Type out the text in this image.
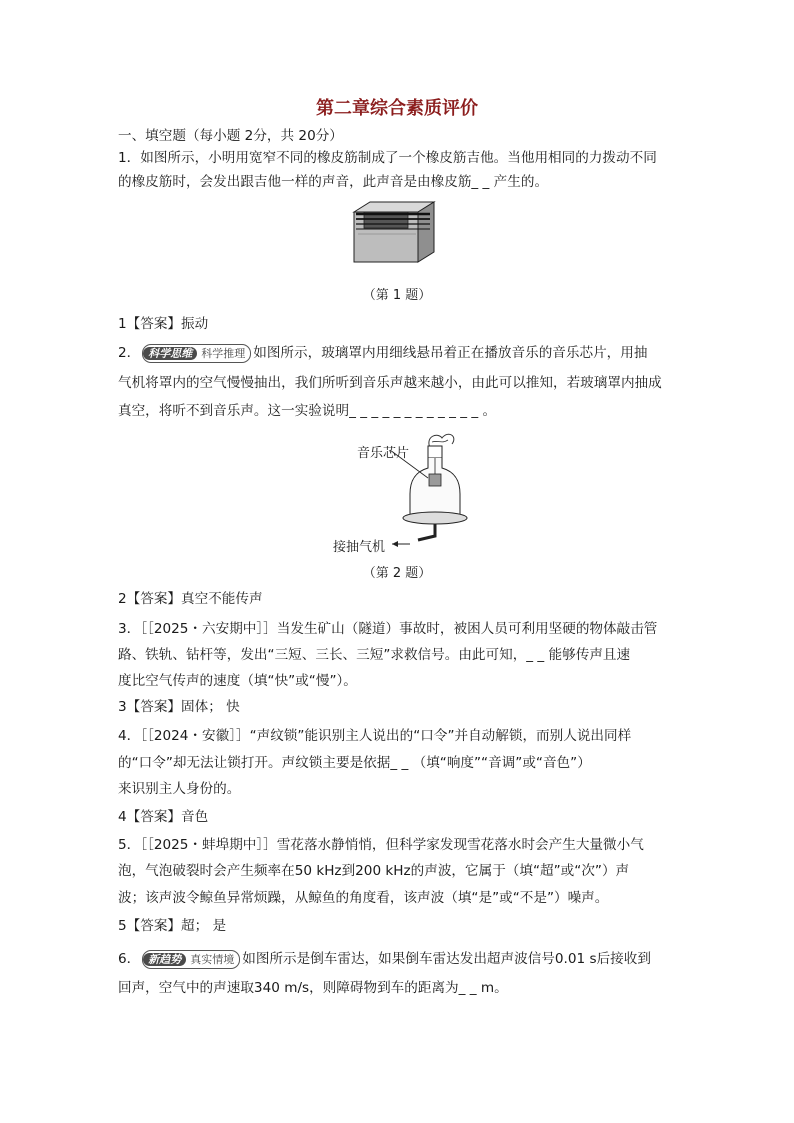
第二章综合素质评价
一、填空题（每小题 2分，共 20分）
1．如图所示，小明用宽窄不同的橡皮筋制成了一个橡皮筋吉他。当他用相同的力拨动不同
的橡皮筋时，会发出跟吉他一样的声音，此声音是由橡皮筋_ _ 产生的。
（第 1 题）
1【答案】振动
2． 科学思维 科学推理 如图所示，玻璃罩内用细线悬吊着正在播放音乐的音乐芯片，用抽
气机将罩内的空气慢慢抽出，我们所听到音乐声越来越小，由此可以推知，若玻璃罩内抽成
真空，将听不到音乐声。这一实验说明_ _ _ _ _ _ _ _ _ _ _ _ 。
音乐芯片
接抽气机
（第 2 题）
2【答案】真空不能传声
3．［［2025・六安期中］］当发生矿山（隧道）事故时，被困人员可利用坚硬的物体敲击管
路、铁轨、钻杆等，发出“三短、三长、三短”求救信号。由此可知，_ _ 能够传声且速
度比空气传声的速度（填“快”或“慢”）。
3【答案】固体； 快
4．［［2024・安徽］］“声纹锁”能识别主人说出的“口令”并自动解锁，而别人说出同样
的“口令”却无法让锁打开。声纹锁主要是依据_ _ （填“响度”“音调”或“音色”）
来识别主人身份的。
4【答案】音色
5．［［2025・蚌埠期中］］雪花落水静悄悄，但科学家发现雪花落水时会产生大量微小气
泡，气泡破裂时会产生频率在50 kHz到200 kHz的声波，它属于（填“超”或“次”）声
波；该声波令鲸鱼异常烦躁，从鲸鱼的角度看，该声波（填“是”或“不是”）噪声。
5【答案】超； 是
6． 新趋势 真实情境 如图所示是倒车雷达，如果倒车雷达发出超声波信号0.01 s后接收到
回声，空气中的声速取340 m/s，则障碍物到车的距离为_ _ m。
